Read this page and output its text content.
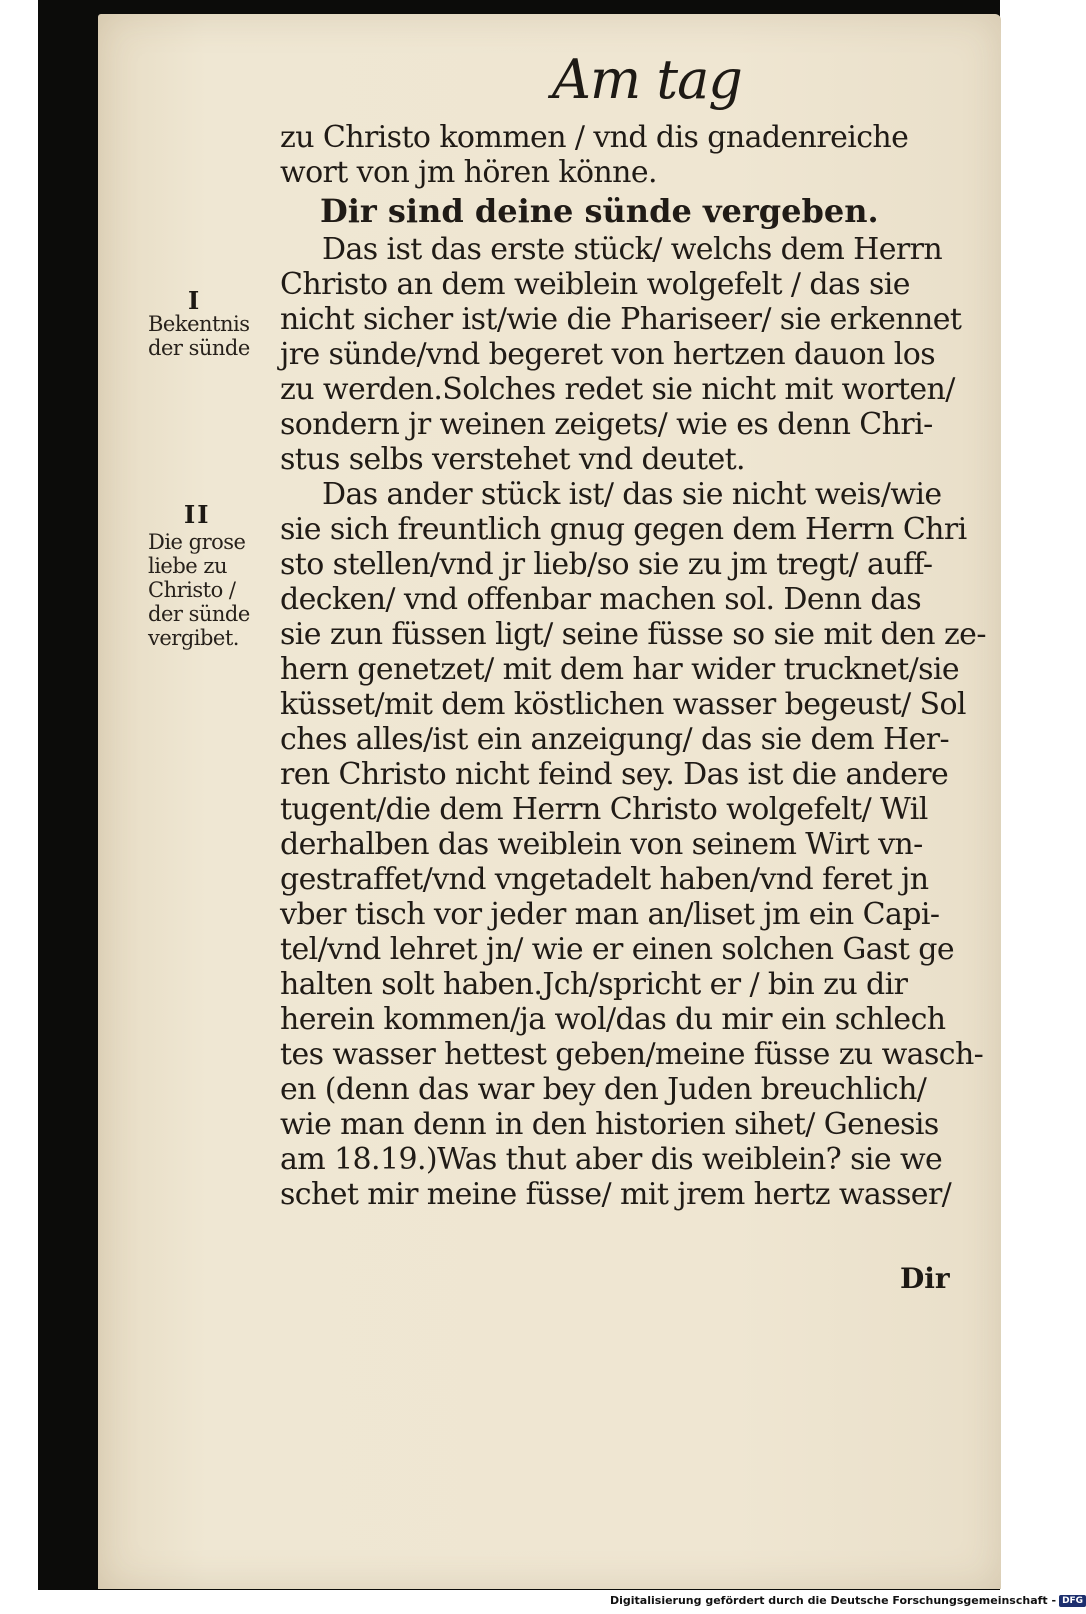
Am tag
zu Christo kommen / vnd dis gnadenreiche
wort von jm hören könne.
Dir sind deine sünde vergeben.
Das ist das erste stück/ welchs dem Herrn
Christo an dem weiblein wolgefelt / das sie
nicht sicher ist/wie die Phariseer/ sie erkennet
jre sünde/vnd begeret von hertzen dauon los
zu werden.Solches redet sie nicht mit worten/
sondern jr weinen zeigets/ wie es denn Chri-
stus selbs verstehet vnd deutet.
Das ander stück ist/ das sie nicht weis/wie
sie sich freuntlich gnug gegen dem Herrn Chri
sto stellen/vnd jr lieb/so sie zu jm tregt/ auff-
decken/ vnd offenbar machen sol. Denn das
sie zun füssen ligt/ seine füsse so sie mit den ze-
hern genetzet/ mit dem har wider trucknet/sie
küsset/mit dem köstlichen wasser begeust/ Sol
ches alles/ist ein anzeigung/ das sie dem Her-
ren Christo nicht feind sey. Das ist die andere
tugent/die dem Herrn Christo wolgefelt/ Wil
derhalben das weiblein von seinem Wirt vn-
gestraffet/vnd vngetadelt haben/vnd feret jn
vber tisch vor jeder man an/liset jm ein Capi-
tel/vnd lehret jn/ wie er einen solchen Gast ge
halten solt haben.Jch/spricht er / bin zu dir
herein kommen/ja wol/das du mir ein schlech
tes wasser hettest geben/meine füsse zu wasch-
en (denn das war bey den Juden breuchlich/
wie man denn in den historien sihet/ Genesis
am 18.19.)Was thut aber dis weiblein? sie we
schet mir meine füsse/ mit jrem hertz wasser/
I
Bekentnis
der sünde
II
Die grose
liebe zu
Christo /
der sünde
vergibet.
Dir
Digitalisierung gefördert durch die Deutsche Forschungsgemeinschaft - DFG
